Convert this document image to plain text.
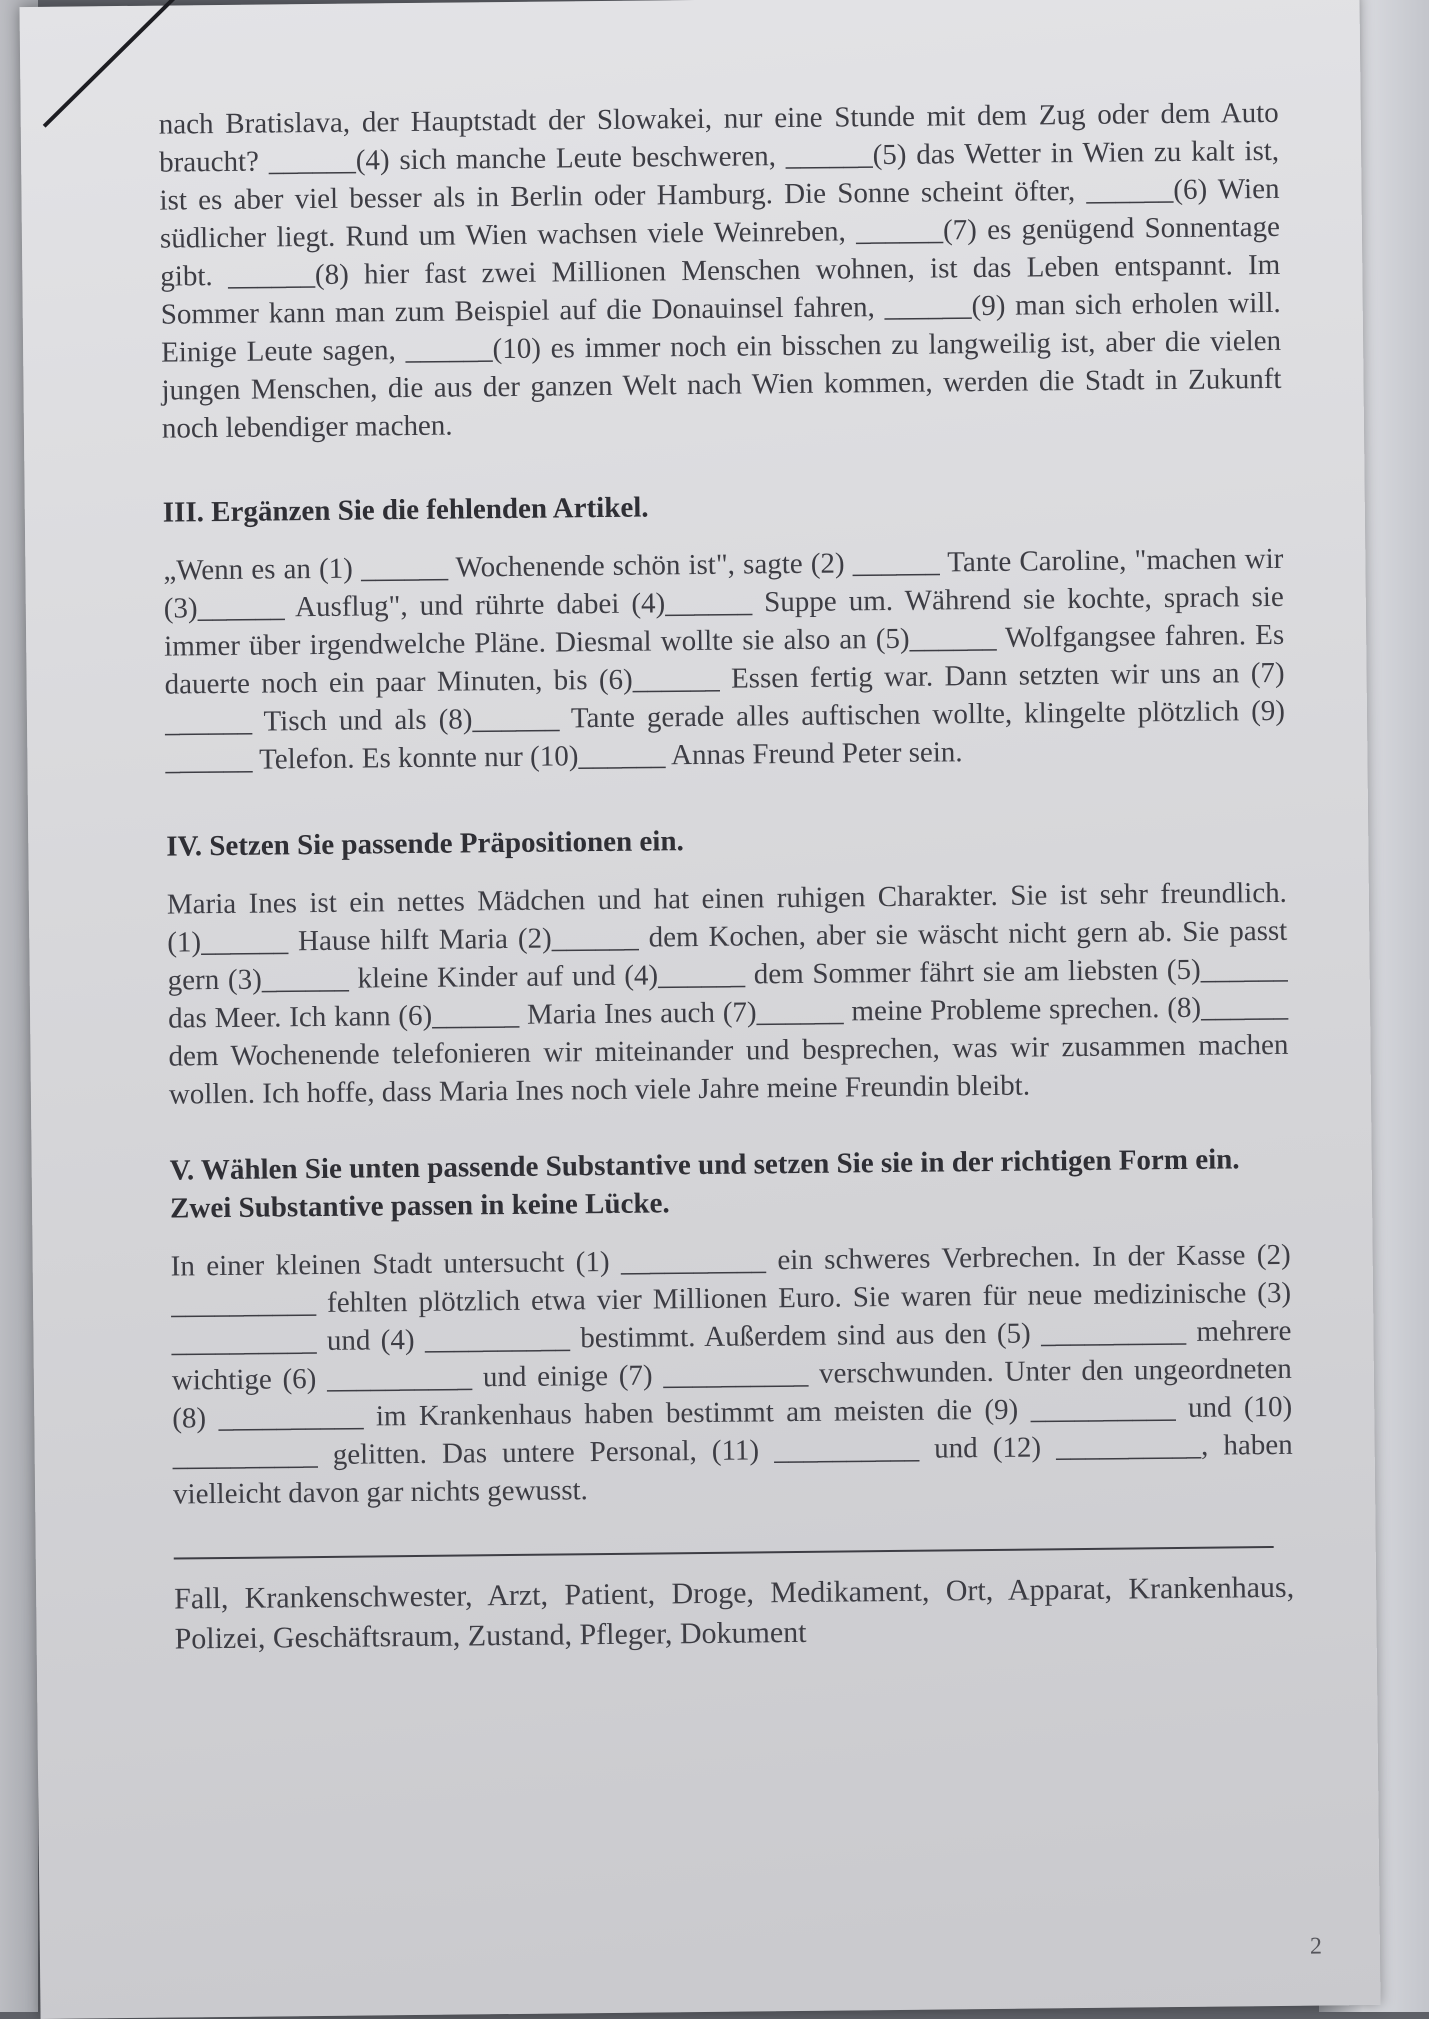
nach Bratislava, der Hauptstadt der Slowakei, nur eine Stunde mit dem Zug oder dem Auto braucht? ______(4) sich manche Leute beschweren, ______(5) das Wetter in Wien zu kalt ist, ist es aber viel besser als in Berlin oder Hamburg. Die Sonne scheint öfter, ______(6) Wien südlicher liegt. Rund um Wien wachsen viele Weinreben, ______(7) es genügend Sonnentage gibt. ______(8) hier fast zwei Millionen Menschen wohnen, ist das Leben entspannt. Im Sommer kann man zum Beispiel auf die Donauinsel fahren, ______(9) man sich erholen will. Einige Leute sagen, ______(10) es immer noch ein bisschen zu langweilig ist, aber die vielen jungen Menschen, die aus der ganzen Welt nach Wien kommen, werden die Stadt in Zukunft noch lebendiger machen.

III. Ergänzen Sie die fehlenden Artikel.

„Wenn es an (1) ______ Wochenende schön ist", sagte (2) ______ Tante Caroline, "machen wir (3)______ Ausflug", und rührte dabei (4)______ Suppe um. Während sie kochte, sprach sie immer über irgendwelche Pläne. Diesmal wollte sie also an (5)______ Wolfgangsee fahren. Es dauerte noch ein paar Minuten, bis (6)______ Essen fertig war. Dann setzten wir uns an (7) ______ Tisch und als (8)______ Tante gerade alles auftischen wollte, klingelte plötzlich (9) ______ Telefon. Es konnte nur (10)______ Annas Freund Peter sein.

IV. Setzen Sie passende Präpositionen ein.

Maria Ines ist ein nettes Mädchen und hat einen ruhigen Charakter. Sie ist sehr freundlich. (1)______ Hause hilft Maria (2)______ dem Kochen, aber sie wäscht nicht gern ab. Sie passt gern (3)______ kleine Kinder auf und (4)______ dem Sommer fährt sie am liebsten (5)______ das Meer. Ich kann (6)______ Maria Ines auch (7)______ meine Probleme sprechen. (8)______ dem Wochenende telefonieren wir miteinander und besprechen, was wir zusammen machen wollen. Ich hoffe, dass Maria Ines noch viele Jahre meine Freundin bleibt.

V. Wählen Sie unten passende Substantive und setzen Sie sie in der richtigen Form ein. Zwei Substantive passen in keine Lücke.

In einer kleinen Stadt untersucht (1) __________ ein schweres Verbrechen. In der Kasse (2) __________ fehlten plötzlich etwa vier Millionen Euro. Sie waren für neue medizinische (3) __________ und (4) __________ bestimmt. Außerdem sind aus den (5) __________ mehrere wichtige (6) __________ und einige (7) __________ verschwunden. Unter den ungeordneten (8) __________ im Krankenhaus haben bestimmt am meisten die (9) __________ und (10) __________ gelitten. Das untere Personal, (11) __________ und (12) __________, haben vielleicht davon gar nichts gewusst.

Fall, Krankenschwester, Arzt, Patient, Droge, Medikament, Ort, Apparat, Krankenhaus, Polizei, Geschäftsraum, Zustand, Pfleger, Dokument

2
